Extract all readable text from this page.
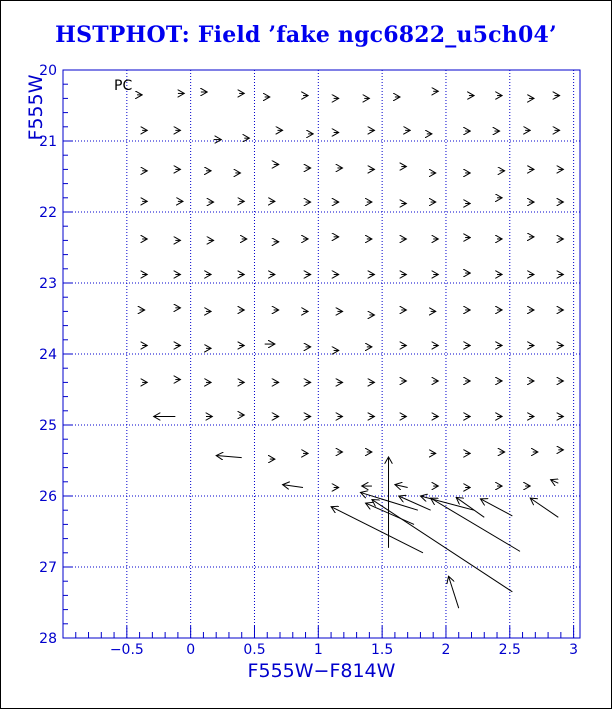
HSTPHOT: Field ’fake ngc6822_u5ch04’
−0.5	0	0.5	1	1.5	2	2.5	3
20
21
22
23
24
25
26
27
28
PC
F555W−F814W
F555W
